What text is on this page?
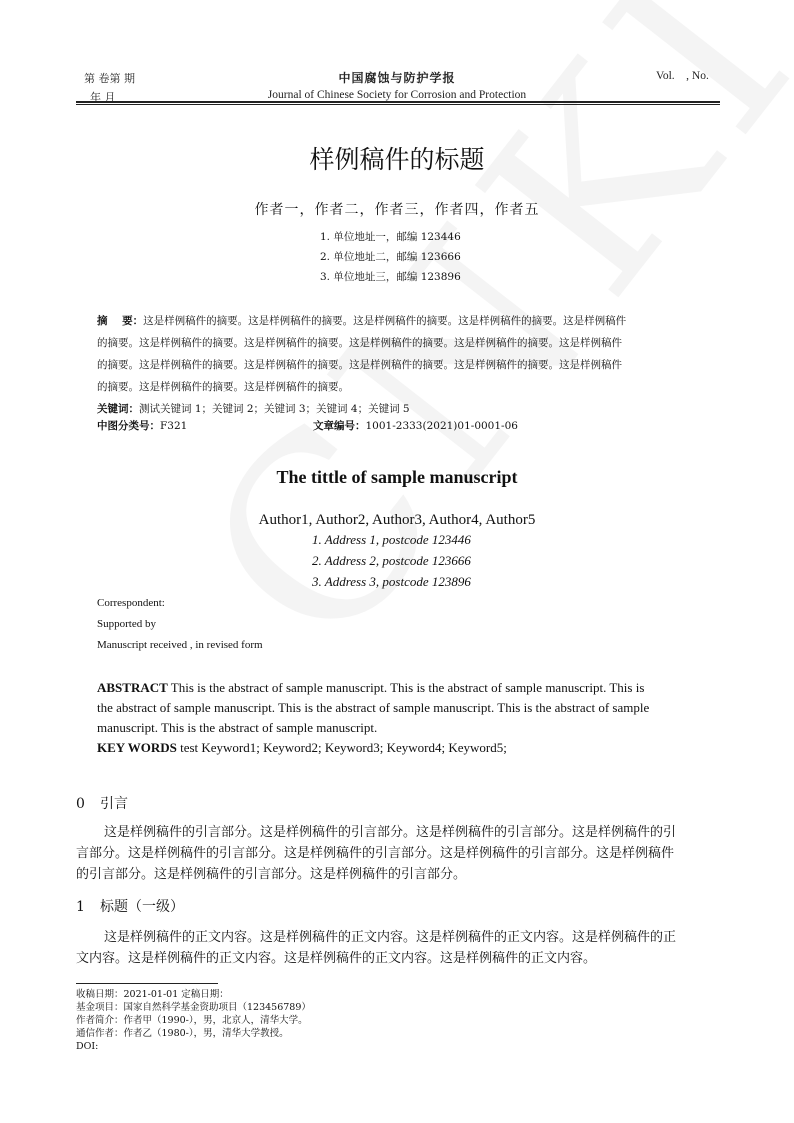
第 卷第 期
年 月
中国腐蚀与防护学报
Journal of Chinese Society for Corrosion and Protection
Vol.    , No.
样例稿件的标题
作者一，作者二，作者三，作者四，作者五
1. 单位地址一，邮编 123446
2. 单位地址二，邮编 123666
3. 单位地址三，邮编 123896
摘    要：这是样例稿件的摘要。这是样例稿件的摘要。这是样例稿件的摘要。这是样例稿件的摘要。这是样例稿件
的摘要。这是样例稿件的摘要。这是样例稿件的摘要。这是样例稿件的摘要。这是样例稿件的摘要。这是样例稿件
的摘要。这是样例稿件的摘要。这是样例稿件的摘要。这是样例稿件的摘要。这是样例稿件的摘要。这是样例稿件
的摘要。这是样例稿件的摘要。这是样例稿件的摘要。
关键词：测试关键词 1；关键词 2；关键词 3；关键词 4；关键词 5
中图分类号：F321	文章编号：1001-2333(2021)01-0001-06
The tittle of sample manuscript
Author1, Author2, Author3, Author4, Author5
1. Address 1, postcode 123446
2. Address 2, postcode 123666
3. Address 3, postcode 123896
Correspondent:
Supported by
Manuscript received , in revised form
ABSTRACT This is the abstract of sample manuscript. This is the abstract of sample manuscript. This is
the abstract of sample manuscript. This is the abstract of sample manuscript. This is the abstract of sample
manuscript. This is the abstract of sample manuscript.
KEY WORDS test Keyword1; Keyword2; Keyword3; Keyword4; Keyword5;
0 引言
这是样例稿件的引言部分。这是样例稿件的引言部分。这是样例稿件的引言部分。这是样例稿件的引
言部分。这是样例稿件的引言部分。这是样例稿件的引言部分。这是样例稿件的引言部分。这是样例稿件
的引言部分。这是样例稿件的引言部分。这是样例稿件的引言部分。
1 标题（一级）
这是样例稿件的正文内容。这是样例稿件的正文内容。这是样例稿件的正文内容。这是样例稿件的正
文内容。这是样例稿件的正文内容。这是样例稿件的正文内容。这是样例稿件的正文内容。
收稿日期：2021-01-01 定稿日期：
基金项目：国家自然科学基金资助项目（123456789）
作者简介：作者甲（1990-），男，北京人，清华大学。
通信作者：作者乙（1980-），男，清华大学教授。
DOI:
